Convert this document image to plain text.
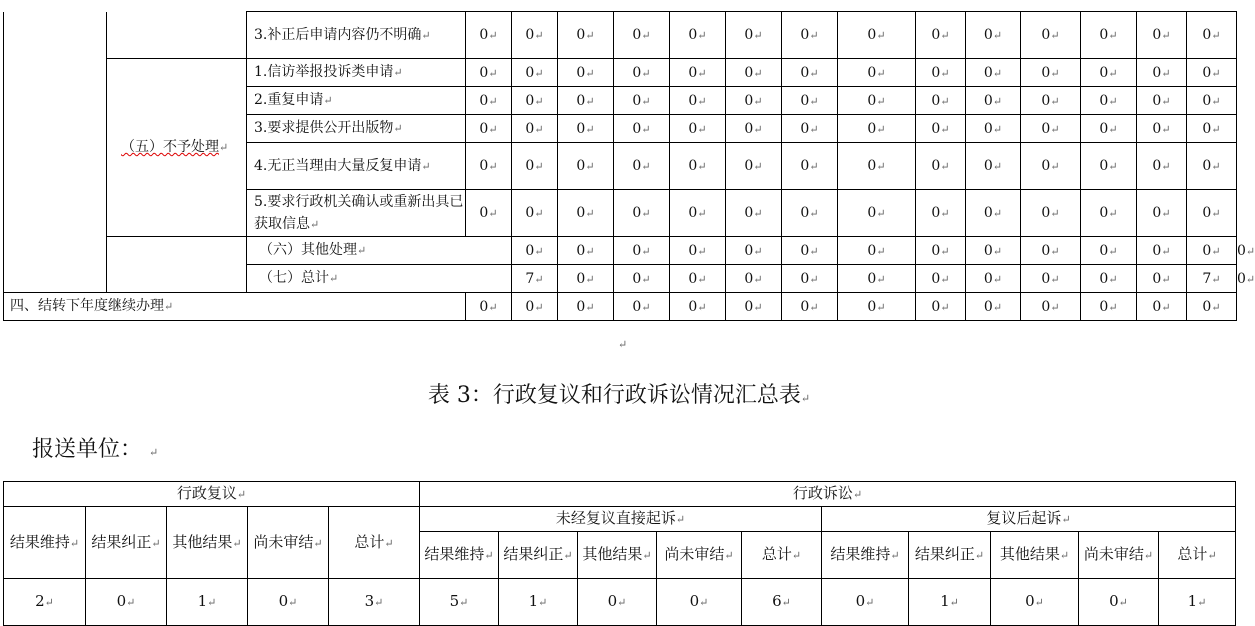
		3.补正后申请内容仍不明确↵	0↵	0↵	0↵	0↵	0↵	0↵	0↵	0↵	0↵	0↵	0↵	0↵	0↵	0↵	
	（五）不予处理↵	1.信访举报投诉类申请↵	0↵	0↵	0↵	0↵	0↵	0↵	0↵	0↵	0↵	0↵	0↵	0↵	0↵	0↵	
		2.重复申请↵	0↵	0↵	0↵	0↵	0↵	0↵	0↵	0↵	0↵	0↵	0↵	0↵	0↵	0↵	
		3.要求提供公开出版物↵	0↵	0↵	0↵	0↵	0↵	0↵	0↵	0↵	0↵	0↵	0↵	0↵	0↵	0↵	
		4.无正当理由大量反复申请↵	0↵	0↵	0↵	0↵	0↵	0↵	0↵	0↵	0↵	0↵	0↵	0↵	0↵	0↵	
		5.要求行政机关确认或重新出具已获取信息↵	0↵	0↵	0↵	0↵	0↵	0↵	0↵	0↵	0↵	0↵	0↵	0↵	0↵	0↵	
		（六）其他处理↵		0↵	0↵	0↵	0↵	0↵	0↵	0↵	0↵	0↵	0↵	0↵	0↵	0↵	0↵
		（七）总计↵		7↵	0↵	0↵	0↵	0↵	0↵	0↵	0↵	0↵	0↵	0↵	0↵	7↵	0↵
四、结转下年度继续办理↵			0↵	0↵	0↵	0↵	0↵	0↵	0↵	0↵	0↵	0↵	0↵	0↵	0↵	0↵	
↵
表 3：行政复议和行政诉讼情况汇总表↵
报送单位： ↵
行政复议↵					行政诉讼↵									
结果维持↵	结果纠正↵	其他结果↵	尚未审结↵	总计↵	未经复议直接起诉↵					复议后起诉↵				
					结果维持↵	结果纠正↵	其他结果↵	尚未审结↵	总计↵	结果维持↵	结果纠正↵	其他结果↵	尚未审结↵	总计↵
2↵	0↵	1↵	0↵	3↵	5↵	1↵	0↵	0↵	6↵	0↵	1↵	0↵	0↵	1↵
